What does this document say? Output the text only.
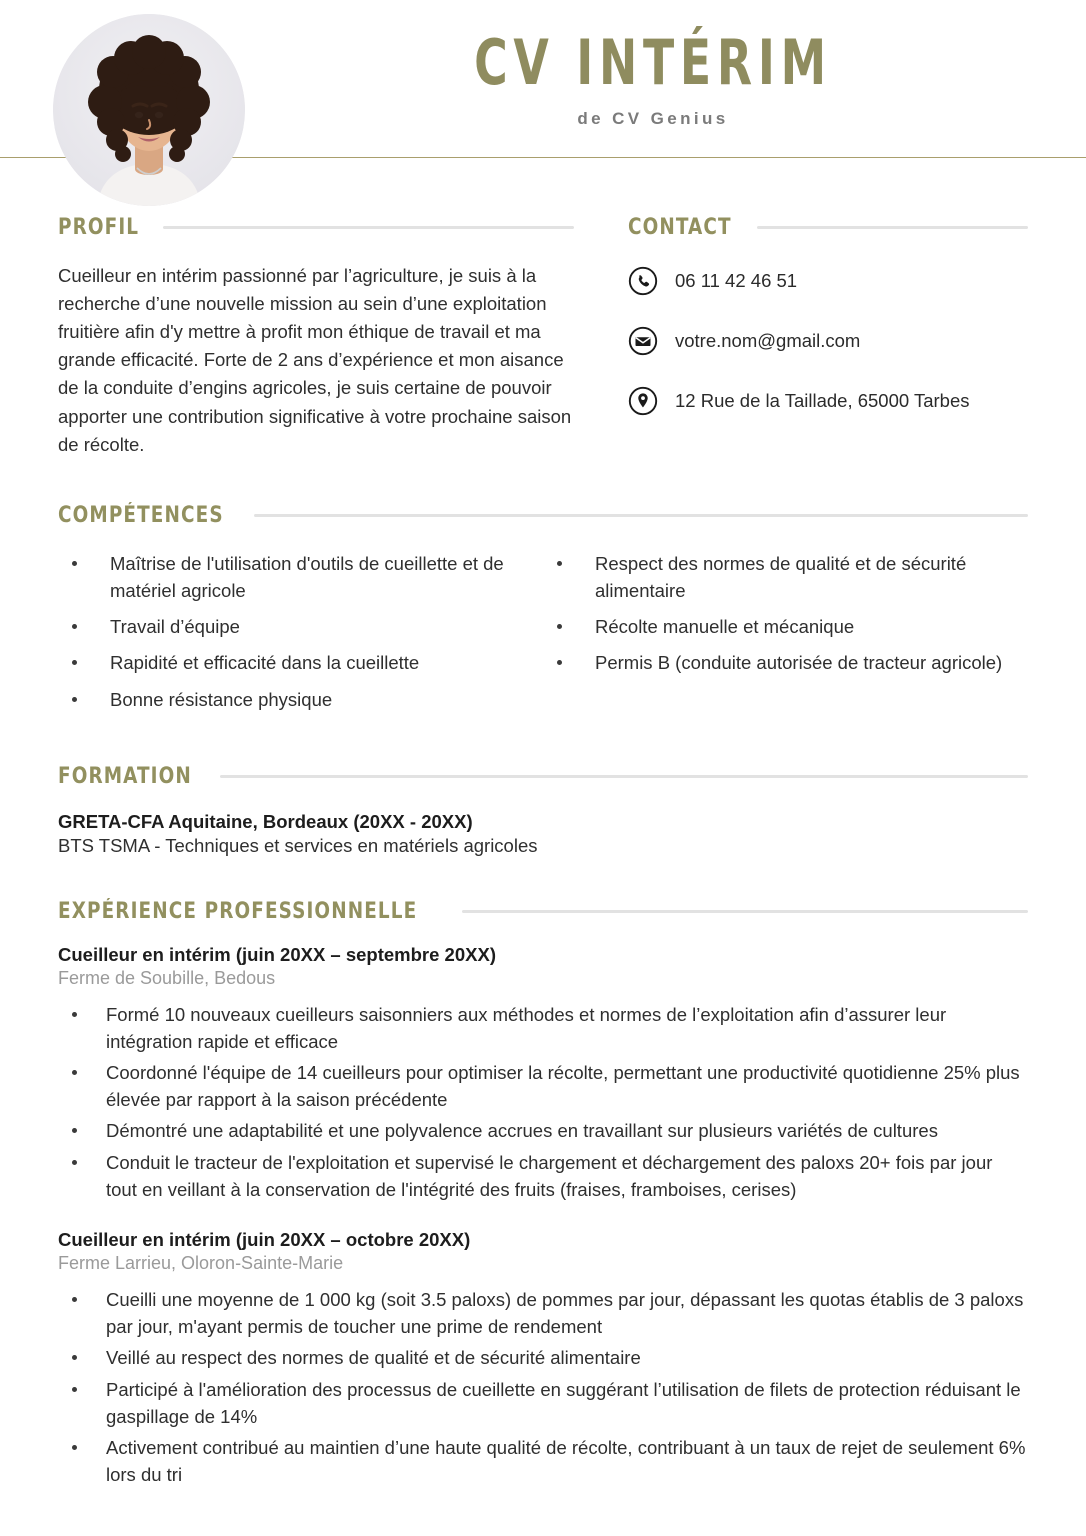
CV INTÉRIM
de CV Genius
PROFIL

Cueilleur en intérim passionné par l’agriculture, je suis à la recherche d’une nouvelle mission au sein d’une exploitation fruitière afin d'y mettre à profit mon éthique de travail et ma grande efficacité. Forte de 2 ans d’expérience et mon aisance de la conduite d’engins agricoles, je suis certaine de pouvoir apporter une contribution significative à votre prochaine saison de récolte.

CONTACT
06 11 42 46 51
votre.nom@gmail.com
12 Rue de la Taillade, 65000 Tarbes
COMPÉTENCES
Maîtrise de l'utilisation d'outils de cueillette et de matériel agricole
Travail d’équipe
Rapidité et efficacité dans la cueillette
Bonne résistance physique
Respect des normes de qualité et de sécurité alimentaire
Récolte manuelle et mécanique
Permis B (conduite autorisée de tracteur agricole)
FORMATION

GRETA-CFA Aquitaine, Bordeaux (20XX - 20XX)

BTS TSMA - Techniques et services en matériels agricoles

EXPÉRIENCE PROFESSIONNELLE

Cueilleur en intérim (juin 20XX – septembre 20XX)

Ferme de Soubille, Bedous

Formé 10 nouveaux cueilleurs saisonniers aux méthodes et normes de l’exploitation afin d’assurer leur intégration rapide et efficace
Coordonné l'équipe de 14 cueilleurs pour optimiser la récolte, permettant une productivité quotidienne 25% plus élevée par rapport à la saison précédente
Démontré une adaptabilité et une polyvalence accrues en travaillant sur plusieurs variétés de cultures
Conduit le tracteur de l'exploitation et supervisé le chargement et déchargement des paloxs 20+ fois par jour tout en veillant à la conservation de l'intégrité des fruits (fraises, framboises, cerises)

Cueilleur en intérim (juin 20XX – octobre 20XX)

Ferme Larrieu, Oloron-Sainte-Marie

Cueilli une moyenne de 1 000 kg (soit 3.5 paloxs) de pommes par jour, dépassant les quotas établis de 3 paloxs par jour, m'ayant permis de toucher une prime de rendement
Veillé au respect des normes de qualité et de sécurité alimentaire
Participé à l'amélioration des processus de cueillette en suggérant l’utilisation de filets de protection réduisant le gaspillage de 14%
Activement contribué au maintien d’une haute qualité de récolte, contribuant à un taux de rejet de seulement 6% lors du tri
